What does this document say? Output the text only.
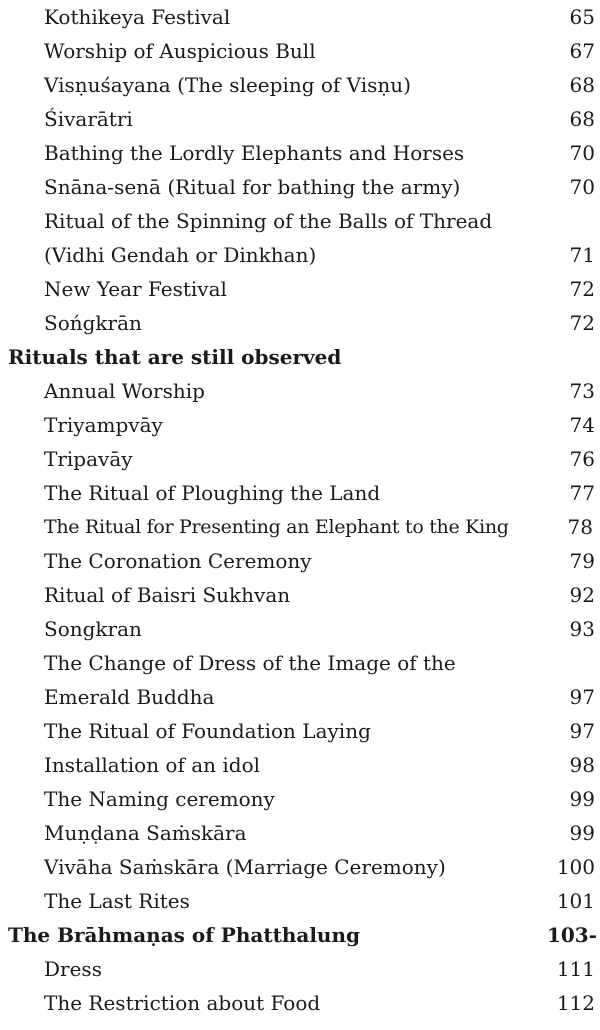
Kothikeya Festival	65
Worship of Auspicious Bull	67
Visṇuśayana (The sleeping of Visṇu)	68
Śivarātri	68
Bathing the Lordly Elephants and Horses	70
Snāna-senā (Ritual for bathing the army)	70
Ritual of the Spinning of the Balls of Thread
(Vidhi Gendah or Dinkhan)	71
New Year Festival	72
Sońgkrān	72
Rituals that are still observed
Annual Worship	73
Triyampvāy	74
Tripavāy	76
The Ritual of Ploughing the Land	77
The Ritual for Presenting an Elephant to the King	78
The Coronation Ceremony	79
Ritual of Baisri Sukhvan	92
Songkran	93
The Change of Dress of the Image of the
Emerald Buddha	97
The Ritual of Foundation Laying	97
Installation of an idol	98
The Naming ceremony	99
Muṇḍana Saṁskāra	99
Vivāha Saṁskāra (Marriage Ceremony)	100
The Last Rites	101
The Brāhmaṇas of Phatthalung	103-
Dress	111
The Restriction about Food	112
